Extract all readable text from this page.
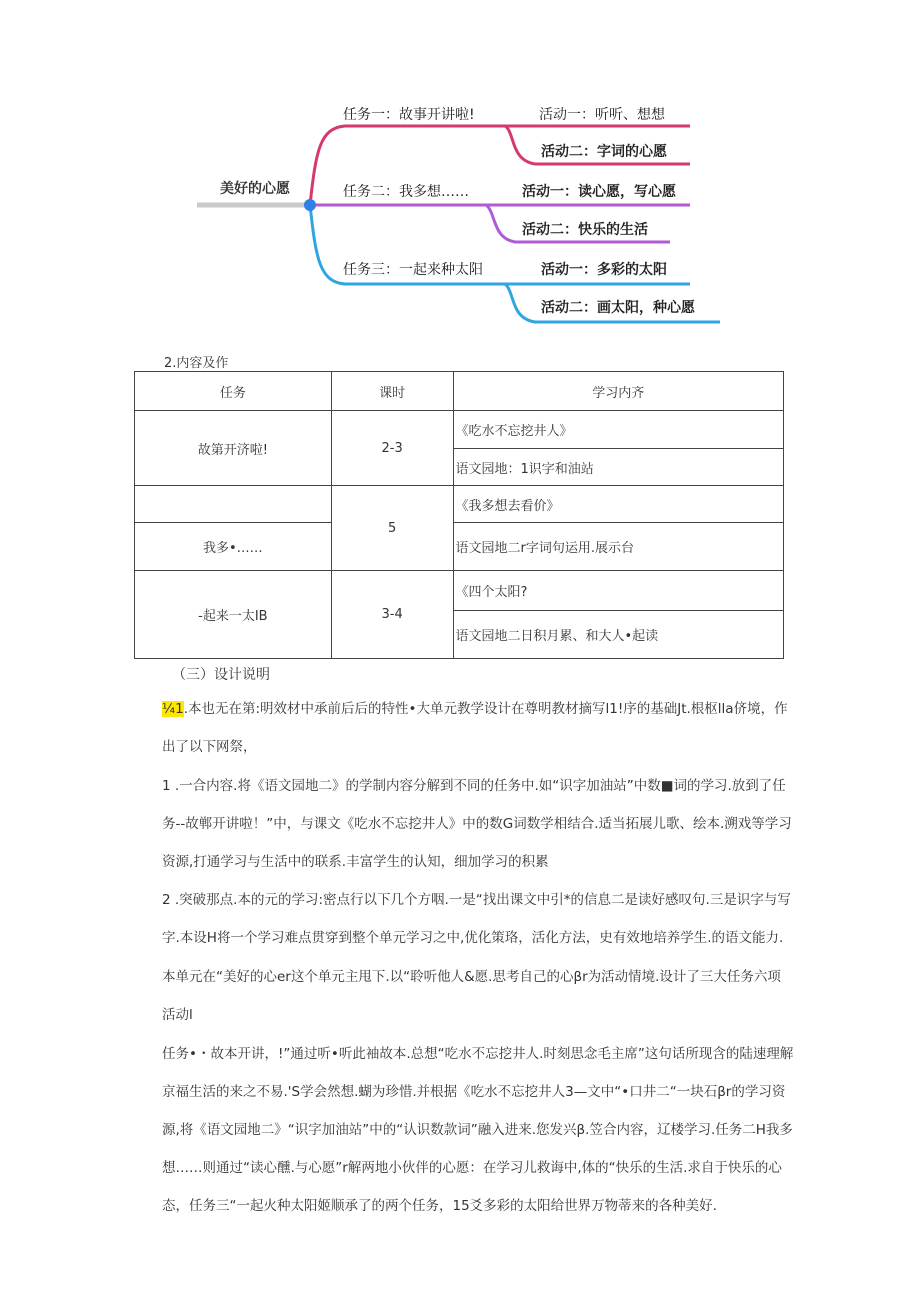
美好的心愿
任务一：故事开讲啦!	活动一：听听、想想
活动二：字词的心愿
任务二：我多想……	活动一：读心愿，写心愿
活动二：快乐的生活
任务三：一起来种太阳	活动一：多彩的太阳
活动二：画太阳，种心愿
2.内容及作
任务	课时	学习内齐
故第开济啦!	2-3	《吃水不忘挖井人》
		语文园地：1识字和油站
	5	《我多想去看价》
我多•……		语文园地二r字词句运用.展示台
-起来一太IB	3-4	《四个太阳?
		语文园地二日积月累、和大人•起读
（三）设计说明
¼1.本也无在第:明效材中承前后后的特性•大单元教学设计在尊明教材摘写l1!序的基础Jt.根枢lla侪境，作出了以下网祭，
1 .一合内容.将《语文园地二》的学制内容分解到不同的任务中.如“识字加油站”中数■词的学习.放到了任务--故郸开讲啦！”中，与课文《吃水不忘挖井人》中的数G词数学相结合.适当拓展儿歌、绘本.溯戏等学习资源,打通学习与生活中的联系.丰富学生的认知，细加学习的积累
2 .突破那点.本的元的学习:密点行以下几个方咽.一是“找出课文中引*的信息二是读好感叹句.三是识字与写字.本设H将一个学习难点贯穿到整个单元学习之中,优化策珞，活化方法，史有效地培养学生.的语文能力.
本单元在“美好的心er这个单元主甩下.以“聆听他人&愿.思考自己的心βr为活动情境.设计了三大任务六项活动l
任务•・故本开讲，!”通过听•听此袖故本.总想“吃水不忘挖井人.时刻思念毛主席”这句话所现含的陆速理解京福生活的来之不易.'S学会然想.蝴为珍惜.并根据《吃水不忘挖井人3—文中“•口井二“一块石βr的学习资源,将《语文园地二》“识字加油站”中的“认识数款词”融入进来.您发兴β.笠合内容，辽楼学习.任务二H我多想……则通过“读心醺.与心愿”r解两地小伙伴的心愿：在学习儿救诲中,体的“快乐的生活.求自于快乐的心态，任务三“一起火种太阳姬顺承了的两个任务，15爻多彩的太阳给世界万物蒂来的各种美好.
